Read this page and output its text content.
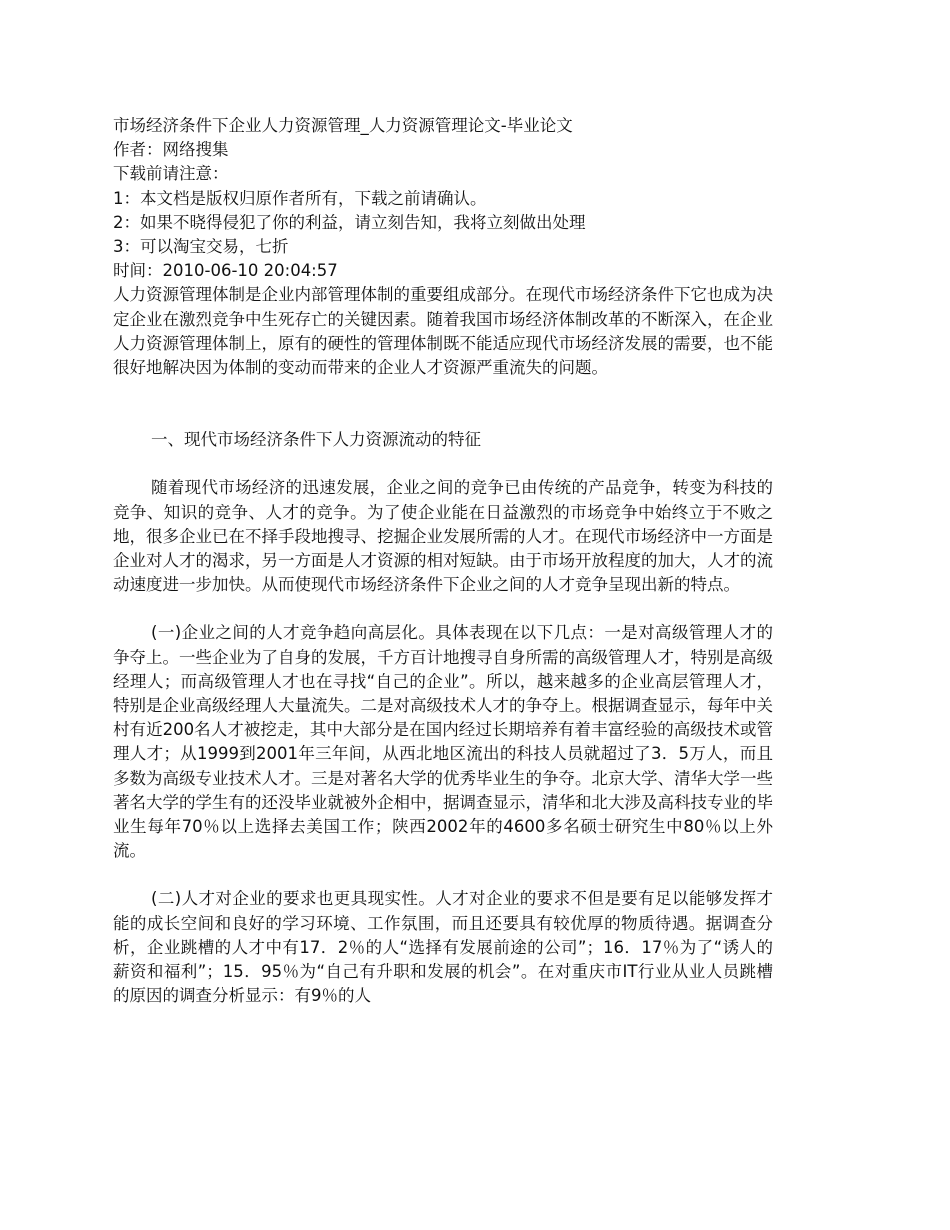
市场经济条件下企业人力资源管理_人力资源管理论文-毕业论文

作者：网络搜集

下载前请注意：

1：本文档是版权归原作者所有，下载之前请确认。

2：如果不晓得侵犯了你的利益，请立刻告知，我将立刻做出处理

3：可以淘宝交易，七折

时间：2010-06-10 20:04:57

人力资源管理体制是企业内部管理体制的重要组成部分。在现代市场经济条件下它也成为决定企业在激烈竞争中生死存亡的关键因素。随着我国市场经济体制改革的不断深入，在企业人力资源管理体制上，原有的硬性的管理体制既不能适应现代市场经济发展的需要，也不能很好地解决因为体制的变动而带来的企业人才资源严重流失的问题。

一、现代市场经济条件下人力资源流动的特征

随着现代市场经济的迅速发展，企业之间的竞争已由传统的产品竞争，转变为科技的竞争、知识的竞争、人才的竞争。为了使企业能在日益激烈的市场竞争中始终立于不败之地，很多企业已在不择手段地搜寻、挖掘企业发展所需的人才。在现代市场经济中一方面是企业对人才的渴求，另一方面是人才资源的相对短缺。由于市场开放程度的加大，人才的流动速度进一步加快。从而使现代市场经济条件下企业之间的人才竞争呈现出新的特点。

(一)企业之间的人才竞争趋向高层化。具体表现在以下几点：一是对高级管理人才的争夺上。一些企业为了自身的发展，千方百计地搜寻自身所需的高级管理人才，特别是高级经理人；而高级管理人才也在寻找“自己的企业”。所以，越来越多的企业高层管理人才，特别是企业高级经理人大量流失。二是对高级技术人才的争夺上。根据调查显示，每年中关村有近200名人才被挖走，其中大部分是在国内经过长期培养有着丰富经验的高级技术或管理人才；从1999到2001年三年间，从西北地区流出的科技人员就超过了3．5万人，而且多数为高级专业技术人才。三是对著名大学的优秀毕业生的争夺。北京大学、清华大学一些著名大学的学生有的还没毕业就被外企相中，据调查显示，清华和北大涉及高科技专业的毕业生每年70％以上选择去美国工作；陕西2002年的4600多名硕士研究生中80％以上外流。

(二)人才对企业的要求也更具现实性。人才对企业的要求不但是要有足以能够发挥才能的成长空间和良好的学习环境、工作氛围，而且还要具有较优厚的物质待遇。据调查分析，企业跳槽的人才中有17．2％的人“选择有发展前途的公司”；16．17％为了“诱人的薪资和福利”；15．95％为“自己有升职和发展的机会”。在对重庆市IT行业从业人员跳槽的原因的调查分析显示：有9％的人
